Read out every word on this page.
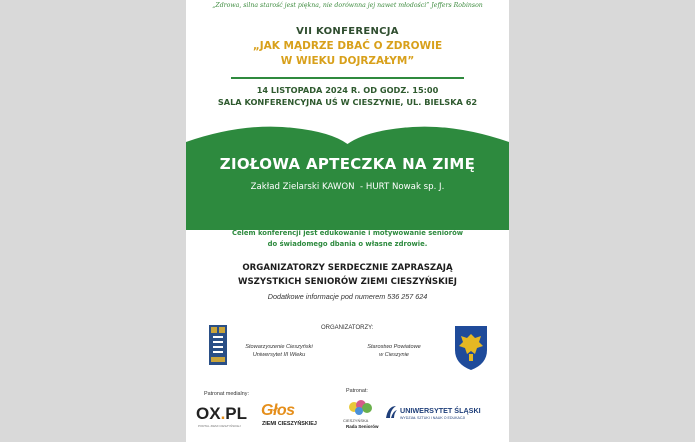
„Zdrowa, silna starość jest piękna, nie dorównna jej nawet młodości” Jeffers Robinson
VII KONFERENCJA
„JAK MĄDRZE DBAĆ O ZDROWIE
W WIEKU DOJRZAŁYM”
14 LISTOPADA 2024 R. OD GODZ. 15:00
SALA KONFERENCYJNA UŚ W CIESZYNIE, UL. BIELSKA 62
ZIOŁOWA APTECZKA NA ZIMĘ
Zakład Zielarski KAWON  - HURT Nowak sp. J.
Celem konferencji jest edukowanie i motywowanie seniorów
do świadomego dbania o własne zdrowie.
ORGANIZATORZY SERDECZNIE ZAPRASZAJĄ
WSZYSTKICH SENIORÓW ZIEMI CIESZYŃSKIEJ
Dodatkowe informacje pod numerem 536 257 624
ORGANIZATORZY:
Stowarzyszenie Cieszyński
Uniwersytet III Wieku
Starostwo Powiatowe
w Cieszynie
Patronat medialny:	Patronat:
OX.PL
PORTAL ZIEMI CIESZYŃSKIEJ
Głos
ZIEMI CIESZYŃSKIEJ
CIESZYŃSKA
Rada Seniorów
UNIWERSYTET ŚLĄSKI
WYDZIAŁ SZTUKI I NAUK O EDUKACJI
